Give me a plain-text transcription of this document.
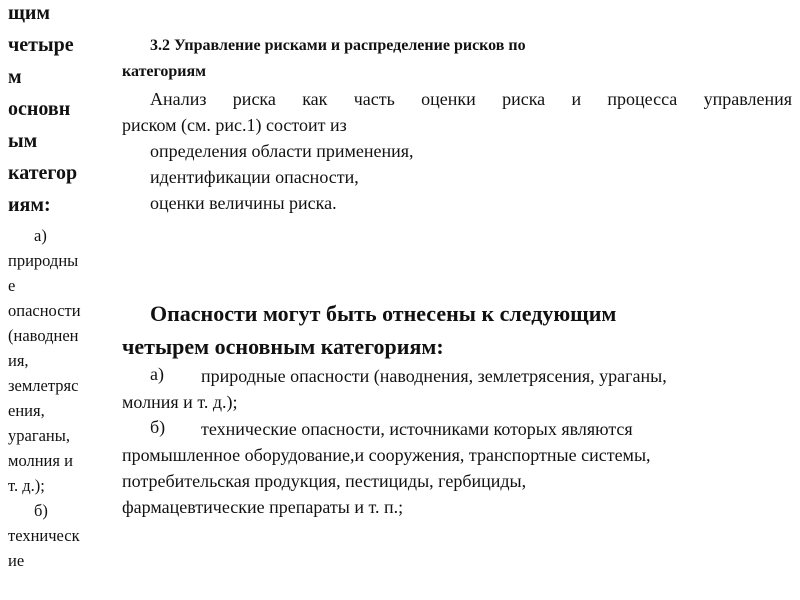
щим
четыре
м
основн
ым
категор
иям:
а)
природны
е
опасности
(наводнен
ия,
землетряс
ения,
ураганы,
молния и
т. д.);
б)
техническ
ие
3.2 Управление рисками и распределение рисков по
категориям
Анализ риска как часть оценки риска и процесса управления
риском (см. рис.1) состоит из
определения области применения,
идентификации опасности,
оценки величины риска.
Опасности могут быть отнесены к следующим
четырем основным категориям:
а) природные опасности (наводнения, землетрясения, ураганы,
молния и т. д.);
б) технические опасности, источниками которых являются
промышленное оборудование,и сооружения, транспортные системы,
потребительская продукция, пестициды, гербициды,
фармацевтические препараты и т. п.;
